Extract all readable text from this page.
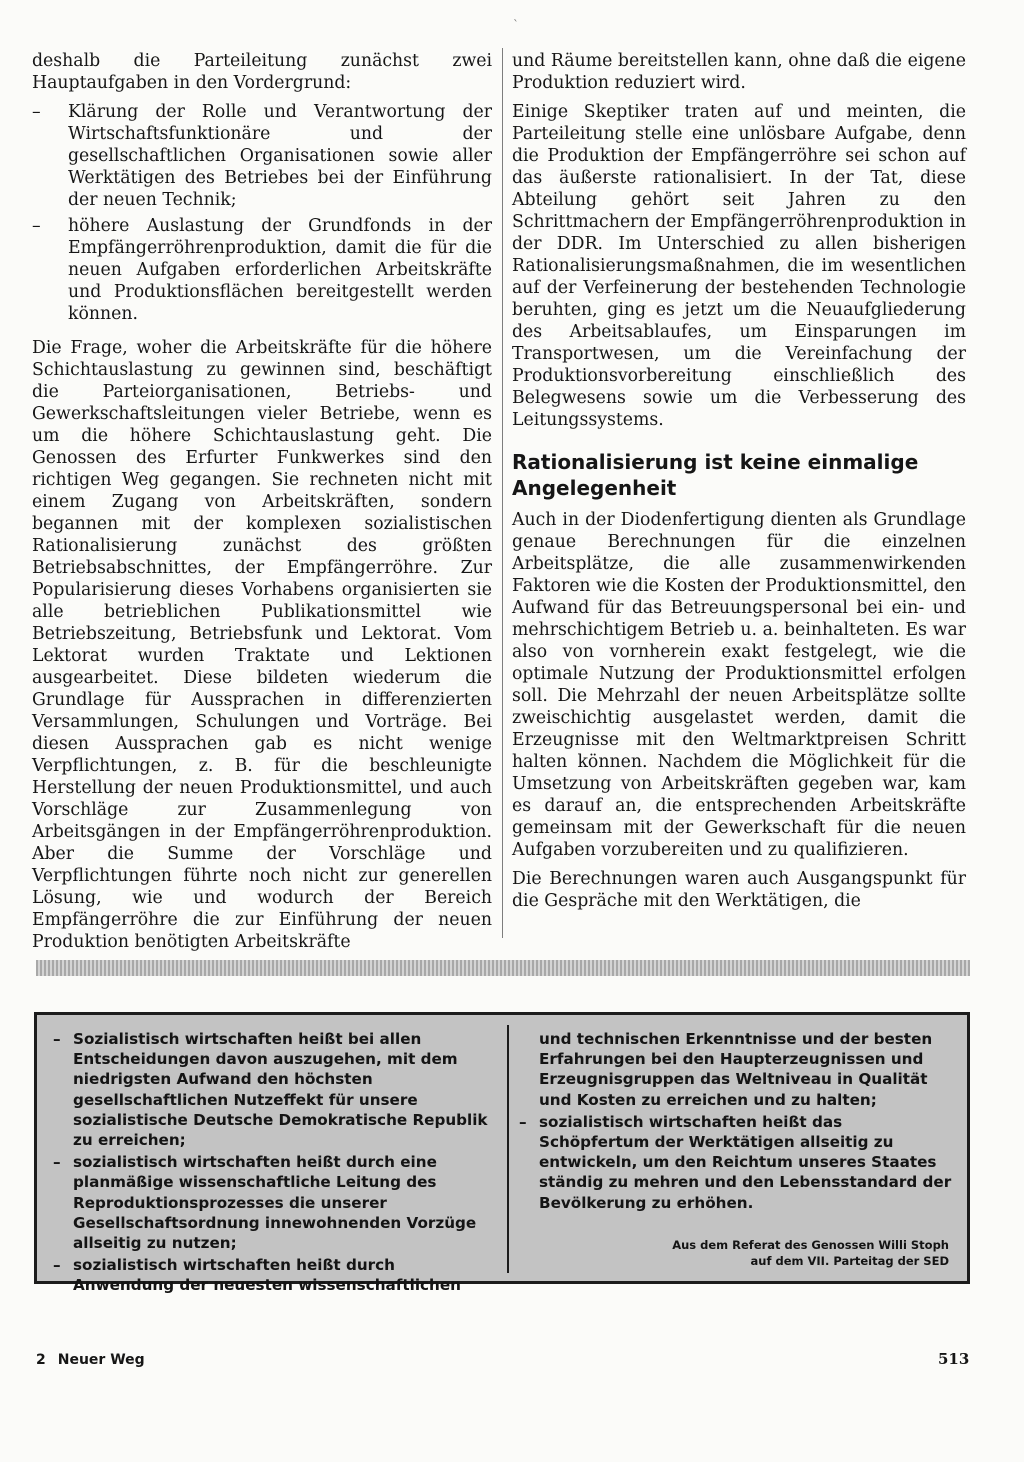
`

deshalb die Parteileitung zunächst zwei Hauptaufgaben in den Vordergrund:

– Klärung der Rolle und Verantwortung der Wirtschaftsfunktionäre und der gesellschaftlichen Organisationen sowie aller Werktätigen des Betriebes bei der Einführung der neuen Technik;
– höhere Auslastung der Grundfonds in der Empfängerröhrenproduktion, damit die für die neuen Aufgaben erforderlichen Arbeitskräfte und Produktionsflächen bereitgestellt werden können.

Die Frage, woher die Arbeitskräfte für die höhere Schichtauslastung zu gewinnen sind, beschäftigt die Parteiorganisationen, Betriebs- und Gewerkschaftsleitungen vieler Betriebe, wenn es um die höhere Schichtauslastung geht. Die Genossen des Erfurter Funkwerkes sind den richtigen Weg gegangen. Sie rechneten nicht mit einem Zugang von Arbeitskräften, sondern begannen mit der komplexen sozialistischen Rationalisierung zunächst des größten Betriebsabschnittes, der Empfängerröhre. Zur Popularisierung dieses Vorhabens organisierten sie alle betrieblichen Publikationsmittel wie Betriebszeitung, Betriebsfunk und Lektorat. Vom Lektorat wurden Traktate und Lektionen ausgearbeitet. Diese bildeten wiederum die Grundlage für Aussprachen in differenzierten Versammlungen, Schulungen und Vorträge. Bei diesen Aussprachen gab es nicht wenige Verpflichtungen, z. B. für die beschleunigte Herstellung der neuen Produktionsmittel, und auch Vorschläge zur Zusammenlegung von Arbeitsgängen in der Empfängerröhrenproduktion. Aber die Summe der Vorschläge und Verpflichtungen führte noch nicht zur generellen Lösung, wie und wodurch der Bereich Empfängerröhre die zur Einführung der neuen Produktion benötigten Arbeitskräfte

und Räume bereitstellen kann, ohne daß die eigene Produktion reduziert wird.

Einige Skeptiker traten auf und meinten, die Parteileitung stelle eine unlösbare Aufgabe, denn die Produktion der Empfängerröhre sei schon auf das äußerste rationalisiert. In der Tat, diese Abteilung gehört seit Jahren zu den Schrittmachern der Empfängerröhrenproduktion in der DDR. Im Unterschied zu allen bisherigen Rationalisierungsmaßnahmen, die im wesentlichen auf der Verfeinerung der bestehenden Technologie beruhten, ging es jetzt um die Neuaufgliederung des Arbeitsablaufes, um Einsparungen im Transportwesen, um die Vereinfachung der Produktionsvorbereitung einschließlich des Belegwesens sowie um die Verbesserung des Leitungssystems.

Rationalisierung ist keine einmalige Angelegenheit

Auch in der Diodenfertigung dienten als Grundlage genaue Berechnungen für die einzelnen Arbeitsplätze, die alle zusammenwirkenden Faktoren wie die Kosten der Produktionsmittel, den Aufwand für das Betreuungspersonal bei ein- und mehrschichtigem Betrieb u. a. beinhalteten. Es war also von vornherein exakt festgelegt, wie die optimale Nutzung der Produktionsmittel erfolgen soll. Die Mehrzahl der neuen Arbeitsplätze sollte zweischichtig ausgelastet werden, damit die Erzeugnisse mit den Weltmarktpreisen Schritt halten können. Nachdem die Möglichkeit für die Umsetzung von Arbeitskräften gegeben war, kam es darauf an, die entsprechenden Arbeitskräfte gemeinsam mit der Gewerkschaft für die neuen Aufgaben vorzubereiten und zu qualifizieren.

Die Berechnungen waren auch Ausgangspunkt für die Gespräche mit den Werktätigen, die

– Sozialistisch wirtschaften heißt bei allen Entscheidungen davon auszugehen, mit dem niedrigsten Aufwand den höchsten gesellschaftlichen Nutzeffekt für unsere sozialistische Deutsche Demokratische Republik zu erreichen;
– sozialistisch wirtschaften heißt durch eine planmäßige wissenschaftliche Leitung des Reproduktionsprozesses die unserer Gesellschaftsordnung innewohnenden Vorzüge allseitig zu nutzen;
– sozialistisch wirtschaften heißt durch Anwendung der neuesten wissenschaftlichen

und technischen Erkenntnisse und der besten Erfahrungen bei den Haupterzeugnissen und Erzeugnisgruppen das Weltniveau in Qualität und Kosten zu erreichen und zu halten;

– sozialistisch wirtschaften heißt das Schöpfertum der Werktätigen allseitig zu entwickeln, um den Reichtum unseres Staates ständig zu mehren und den Lebensstandard der Bevölkerung zu erhöhen.
Aus dem Referat des Genossen Willi Stoph
auf dem VII. Parteitag der SED
2 Neuer Weg	513
